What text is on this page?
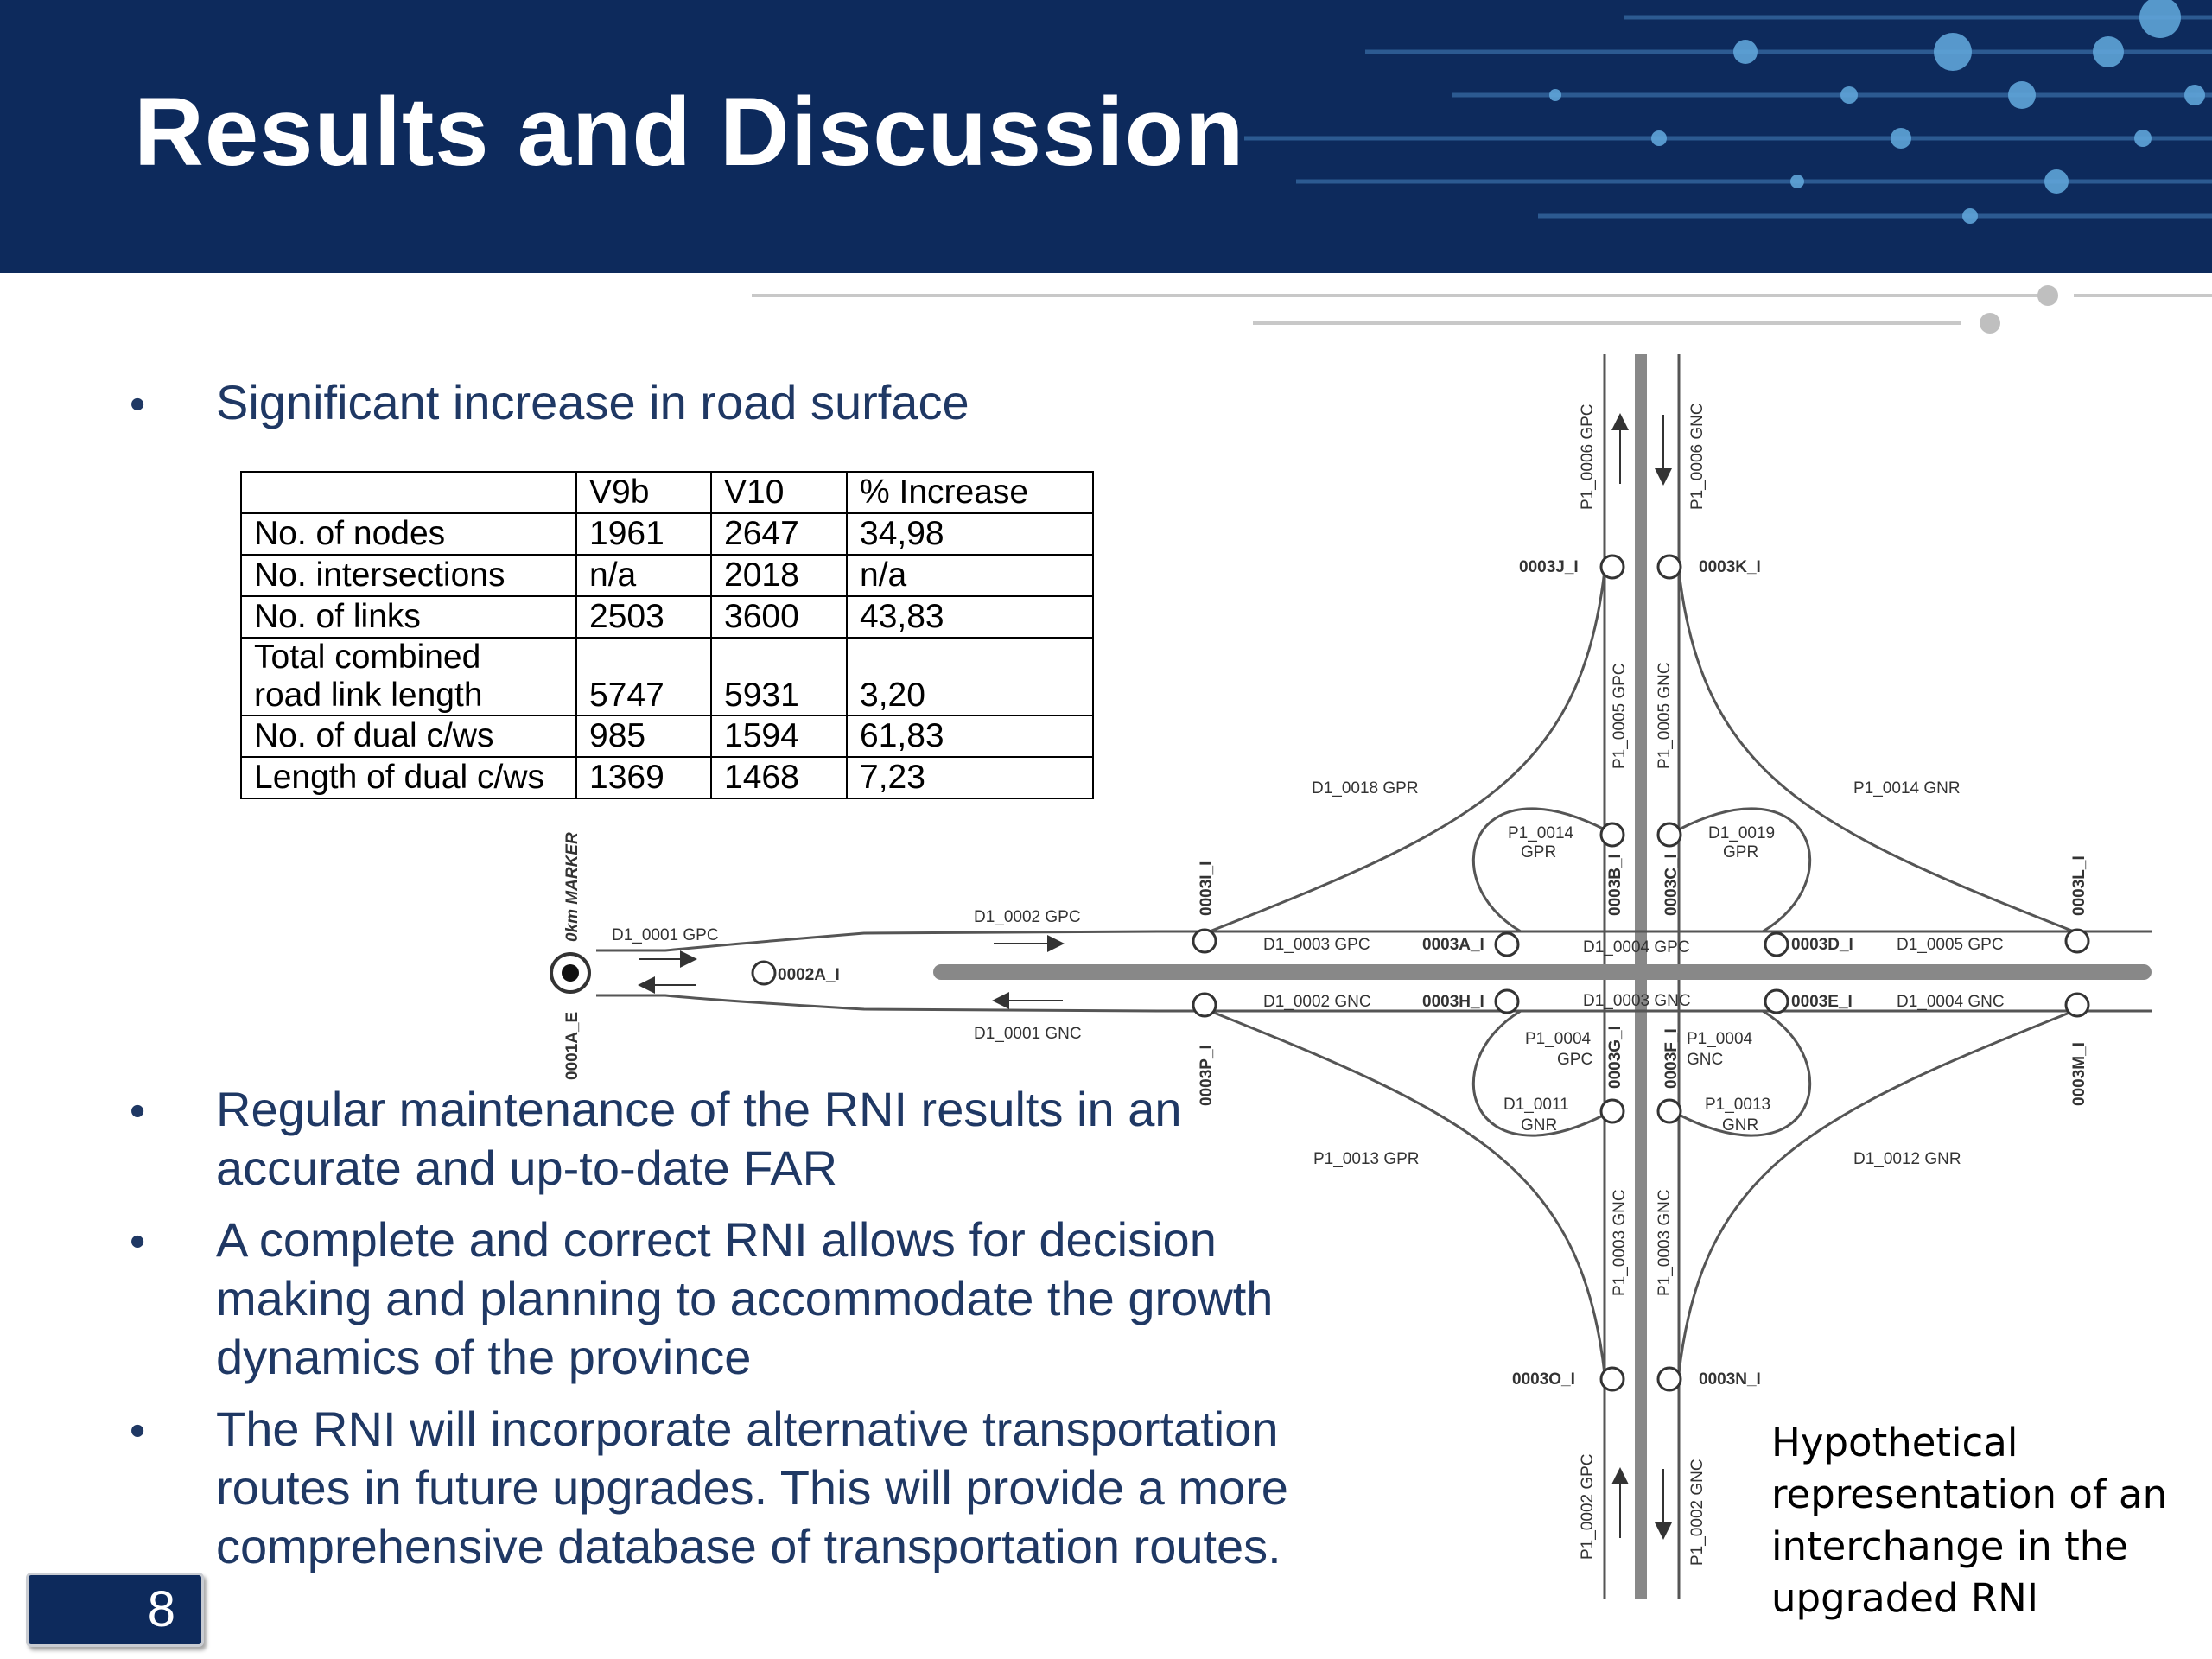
Results and Discussion
• Significant increase in road surface
	V9b	V10	% Increase
No. of nodes	1961	2647	34,98
No. intersections	n/a	2018	n/a
No. of links	2503	3600	43,83
Total combined
road link length	5747	5931	3,20
No. of dual c/ws	985	1594	61,83
Length of dual c/ws	1369	1468	7,23
0003J_I	0003K_I
0003A_I	0003D_I
0003H_I	0003E_I
0003O_I	0003N_I
0002A_I
0003B_I 0003C_I
0003G_I 0003F_I
0003I_I
0003P_I
0003L_I
0003M_I
0001A_E
0km MARKER
P1_0006 GPC	P1_0006 GNC
P1_0005 GPC P1_0005 GNC
P1_0003 GNC P1_0003 GNC
P1_0002 GPC	P1_0002 GNC
D1_0018 GPR	P1_0014 GNR
P1_0013 GPR	D1_0012 GNR
D1_0001 GPC
D1_0002 GPC
D1_0001 GNC
D1_0003 GPC	D1_0004 GPC	D1_0005 GPC
D1_0002 GNC	D1_0003 GNC	D1_0004 GNC
P1_0014
GPR
D1_0019
GPR
P1_0004
GPC
D1_0011
GNR
P1_0004
GNC
P1_0013
GNR
• Regular maintenance of the RNI results in an
accurate and up-to-date FAR
• A complete and correct RNI allows for decision
making and planning to accommodate the growth
dynamics of the province
• The RNI will incorporate alternative transportation
routes in future upgrades. This will provide a more
comprehensive database of transportation routes.
Hypothetical
representation of an
interchange in the
upgraded RNI
8
